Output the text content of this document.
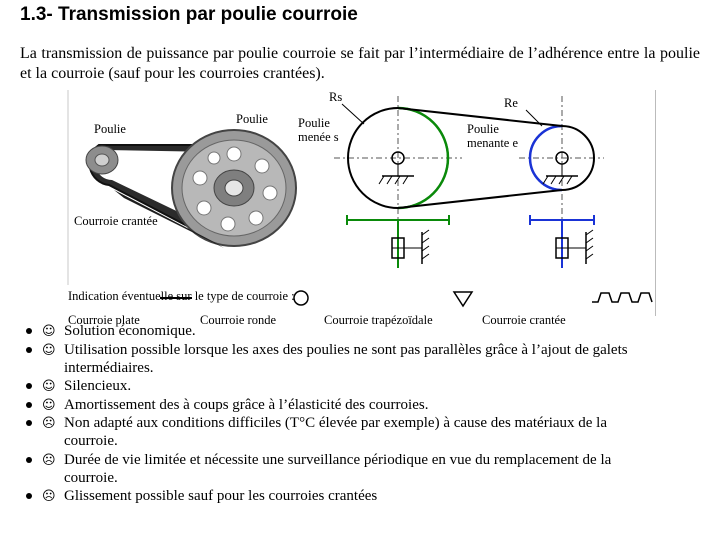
1.3- Transmission par poulie courroie

La transmission de puissance par poulie courroie se fait par l’intermédiaire de l’adhérence entre la poulie et la courroie (sauf pour les courroies crantées).

Poulie
Poulie
Courroie crantée
Rs	Re
Poulie menée s
Poulie menante e
Indication éventuelle sur le type de courroie :
Courroie plate	Courroie ronde	Courroie trapézoïdale	Courroie crantée
☺ Solution économique.
☺ Utilisation possible lorsque les axes des poulies ne sont pas parallèles grâce à l’ajout de galets intermédiaires.
☺ Silencieux.
☺ Amortissement des à coups grâce à l’élasticité des courroies.
☹ Non adapté aux conditions difficiles (T°C élevée par exemple) à cause des matériaux de la courroie.
☹ Durée de vie limitée et nécessite une surveillance périodique en vue du remplacement de la courroie.
☹ Glissement possible sauf pour les courroies crantées
